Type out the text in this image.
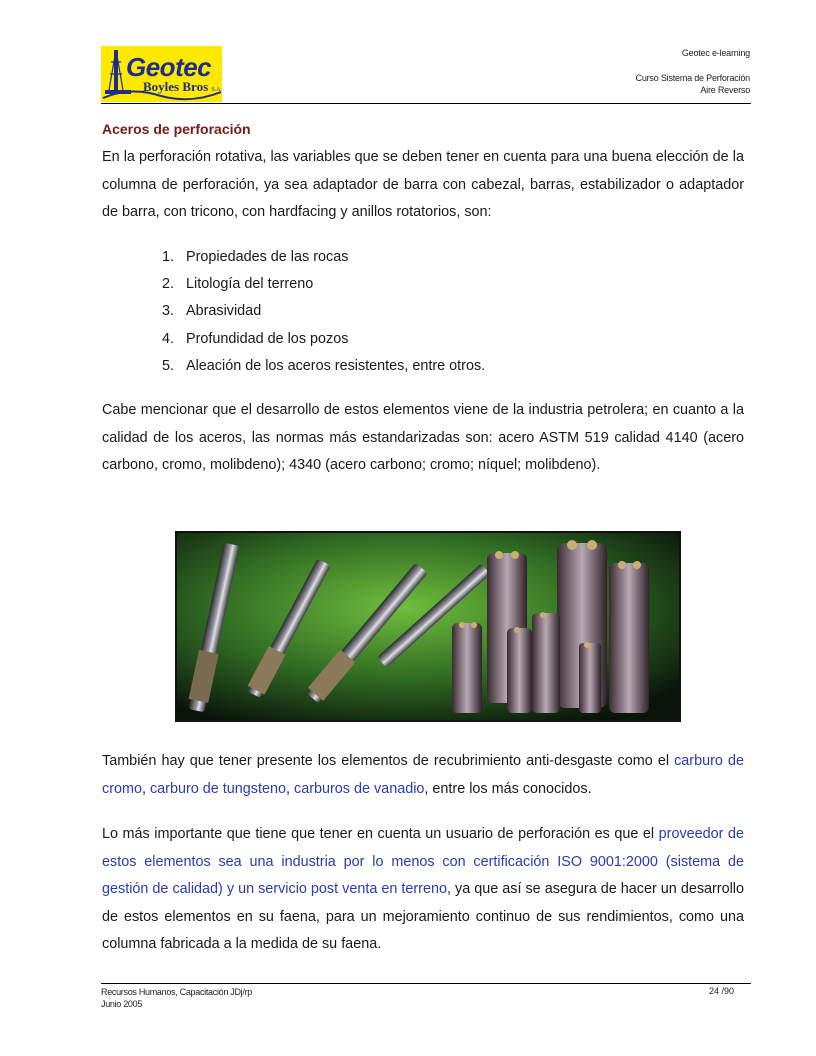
Geotec
Boyles Bros S.A
Geotec e-learning
Curso Sistema de Perforación
Aire Reverso
Aceros de perforación

En la perforación rotativa, las variables que se deben tener en cuenta para una buena elección de la columna de perforación, ya sea adaptador de barra con cabezal, barras, estabilizador o adaptador de barra, con tricono, con hardfacing y anillos rotatorios, son:

1. Propiedades de las rocas
2. Litología del terreno
3. Abrasividad
4. Profundidad de los pozos
5. Aleación de los aceros resistentes, entre otros.

Cabe mencionar que el desarrollo de estos elementos viene de la industria petrolera; en cuanto a la calidad de los aceros, las normas más estandarizadas son: acero ASTM 519 calidad 4140 (acero carbono, cromo, molibdeno); 4340 (acero carbono; cromo; níquel; molibdeno).

También hay que tener presente los elementos de recubrimiento anti-desgaste como el carburo de cromo, carburo de tungsteno, carburos de vanadio, entre los más conocidos.

Lo más importante que tiene que tener en cuenta un usuario de perforación es que el proveedor de estos elementos sea una industria por lo menos con certificación ISO 9001:2000 (sistema de gestión de calidad) y un servicio post venta en terreno, ya que así se asegura de hacer un desarrollo de estos elementos en su faena, para un mejoramiento continuo de sus rendimientos, como una columna fabricada a la medida de su faena.

Recursos Humanos, Capacitación JDj/rp
Junio 2005
24 /90
